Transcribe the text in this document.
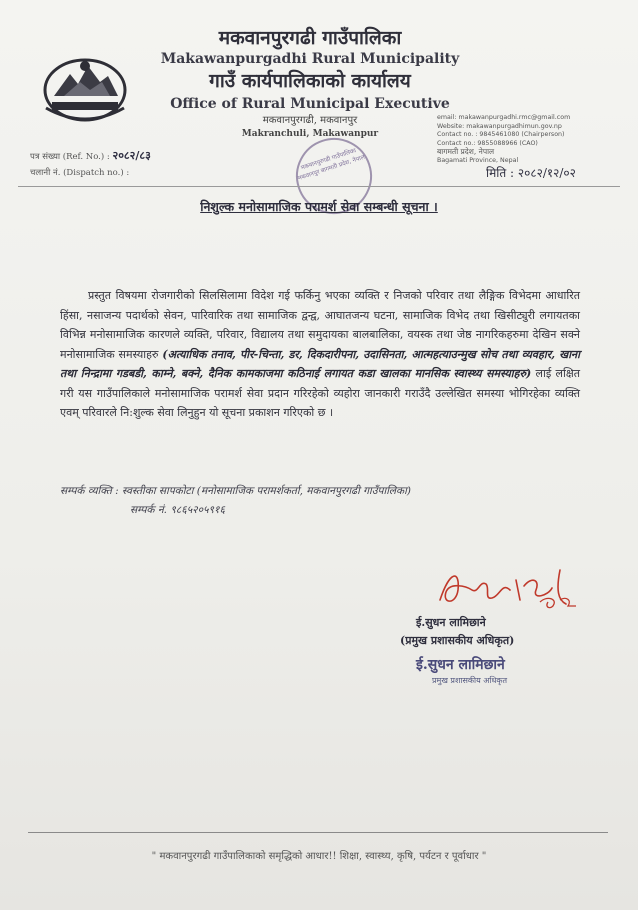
मकवानपुरगढी गाउँपालिका
Makawanpurgadhi Rural Municipality
गाउँ कार्यपालिकाको कार्यालय
Office of Rural Municipal Executive
मकवानपुरगढी, मकवानपुर
Makranchuli, Makawanpur
email: makawanpurgadhi.rmc@gmail.com
Website: makawanpurgadhimun.gov.np
Contact no. : 9845461080 (Chairperson)
Contact no.: 9855088966 (CAO)
बागमती प्रदेश, नेपाल
Bagamati Province, Nepal
पत्र संख्या (Ref. No.) : २०८२/८३
चलानी नं. (Dispatch no.) :
मकवानपुरगढी गाउँपालिका मकवानपुर बागमती प्रदेश, नेपाल	मिति : २०८२/१२/०२
निशुल्क मनोसामाजिक परामर्श सेवा सम्बन्धी सूचना ।
प्रस्तुत विषयमा रोजगारीको सिलसिलामा विदेश गई फर्किनु भएका व्यक्ति र निजको परिवार तथा लैङ्गिक विभेदमा आधारित हिंसा, नसाजन्य पदार्थको सेवन, पारिवारिक तथा सामाजिक द्वन्द्व, आघातजन्य घटना, सामाजिक विभेद तथा खिसीट्युरी लगायतका विभिन्न मनोसामाजिक कारणले व्यक्ति, परिवार, विद्यालय तथा समुदायका बालबालिका, वयस्क तथा जेष्ठ नागरिकहरुमा देखिन सक्ने मनोसामाजिक समस्याहरु (अत्याधिक तनाव, पीर-चिन्ता, डर, दिकदारीपना, उदासिनता, आत्महत्याउन्मुख सोच तथा व्यवहार, खाना तथा निन्द्रामा गडबडी, काम्ने, बक्ने, दैनिक कामकाजमा कठिनाई लगायत कडा खालका मानसिक स्वास्थ्य समस्याहरु) लाई लक्षित गरी यस गाउँपालिकाले मनोसामाजिक परामर्श सेवा प्रदान गरिरहेको व्यहोरा जानकारी गराउँदै उल्लेखित समस्या भोगिरहेका व्यक्ति एवम् परिवारले नि:शुल्क सेवा लिनुहुन यो सूचना प्रकाशन गरिएको छ ।
सम्पर्क व्यक्ति : स्वस्तीका सापकोटा (मनोसामाजिक परामर्शकर्ता, मकवानपुरगढी गाउँपालिका)
सम्पर्क नं. ९८६५२०५९१६
ई.सुधन लामिछाने
(प्रमुख प्रशासकीय अधिकृत)
ई.सुधन लामिछाने
प्रमुख प्रशासकीय अधिकृत
" मकवानपुरगढी गाउँपालिकाको समृद्धिको आधार!! शिक्षा, स्वास्थ्य, कृषि, पर्यटन र पूर्वाधार "
